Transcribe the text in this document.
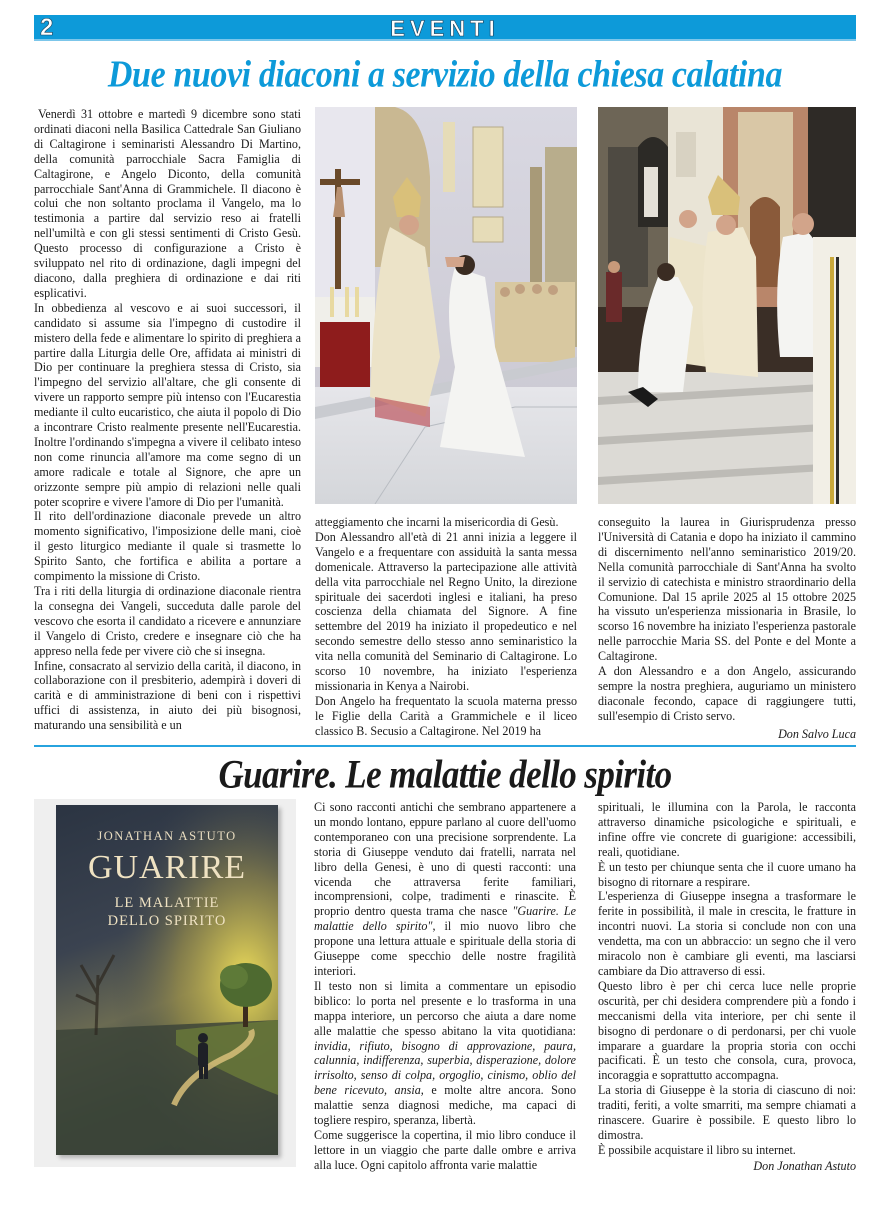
2	EVENTI
Due nuovi diaconi a servizio della chiesa calatina

Venerdì 31 ottobre e martedì 9 dicembre sono stati ordinati diaconi nella Basilica Cattedrale San Giuliano di Caltagirone i seminaristi Alessandro Di Martino, della comunità parrocchiale Sacra Famiglia di Caltagirone, e Angelo Diconto, della comunità parrocchiale Sant'Anna di Grammichele. Il diacono è colui che non soltanto proclama il Vangelo, ma lo testimonia a partire dal servizio reso ai fratelli nell'umiltà e con gli stessi sentimenti di Cristo Gesù. Questo processo di configurazione a Cristo è sviluppato nel rito di ordinazione, dagli impegni del diacono, dalla preghiera di ordinazione e dai riti esplicativi.

In obbedienza al vescovo e ai suoi successori, il candidato si assume sia l'impegno di custodire il mistero della fede e alimentare lo spirito di preghiera a partire dalla Liturgia delle Ore, affidata ai ministri di Dio per continuare la preghiera stessa di Cristo, sia l'impegno del servizio all'altare, che gli consente di vivere un rapporto sempre più intenso con l'Eucarestia mediante il culto eucaristico, che aiuta il popolo di Dio a incontrare Cristo realmente presente nell'Eucarestia. Inoltre l'ordinando s'impegna a vivere il celibato inteso non come rinuncia all'amore ma come segno di un amore radicale e totale al Signore, che apre un orizzonte sempre più ampio di relazioni nelle quali poter scoprire e vivere l'amore di Dio per l'umanità.

Il rito dell'ordinazione diaconale prevede un altro momento significativo, l'imposizione delle mani, cioè il gesto liturgico mediante il quale si trasmette lo Spirito Santo, che fortifica e abilita a portare a compimento la missione di Cristo.

Tra i riti della liturgia di ordinazione diaconale rientra la consegna dei Vangeli, succeduta dalle parole del vescovo che esorta il candidato a ricevere e annunziare il Vangelo di Cristo, credere e insegnare ciò che ha appreso nella fede per vivere ciò che si insegna.

Infine, consacrato al servizio della carità, il diacono, in collaborazione con il presbiterio, adempirà i doveri di carità e di amministrazione di beni con i rispettivi uffici di assistenza, in aiuto dei più bisognosi, maturando una sensibilità e un

atteggiamento che incarni la misericordia di Gesù.

Don Alessandro all'età di 21 anni inizia a leggere il Vangelo e a frequentare con assiduità la santa messa domenicale. Attraverso la partecipazione alle attività della vita parrocchiale nel Regno Unito, la direzione spirituale dei sacerdoti inglesi e italiani, ha preso coscienza della chiamata del Signore. A fine settembre del 2019 ha iniziato il propedeutico e nel secondo semestre dello stesso anno seminaristico la vita nella comunità del Seminario di Caltagirone. Lo scorso 10 novembre, ha iniziato l'esperienza missionaria in Kenya a Nairobi.

Don Angelo ha frequentato la scuola materna presso le Figlie della Carità a Grammichele e il liceo classico B. Secusio a Caltagirone. Nel 2019 ha

conseguito la laurea in Giurisprudenza presso l'Università di Catania e dopo ha iniziato il cammino di discernimento nell'anno seminaristico 2019/20. Nella comunità parrocchiale di Sant'Anna ha svolto il servizio di catechista e ministro straordinario della Comunione. Dal 15 aprile 2025 al 15 ottobre 2025 ha vissuto un'esperienza missionaria in Brasile, lo scorso 16 novembre ha iniziato l'esperienza pastorale nelle parrocchie Maria SS. del Ponte e del Monte a Caltagirone.

A don Alessandro e a don Angelo, assicurando sempre la nostra preghiera, auguriamo un ministero diaconale fecondo, capace di raggiungere tutti, sull'esempio di Cristo servo.

Don Salvo Luca

Guarire. Le malattie dello spirito
JONATHAN ASTUTO
GUARIRE
LE MALATTIE
DELLO SPIRITO

Ci sono racconti antichi che sembrano appartenere a un mondo lontano, eppure parlano al cuore dell'uomo contemporaneo con una precisione sorprendente. La storia di Giuseppe venduto dai fratelli, narrata nel libro della Genesi, è uno di questi racconti: una vicenda che attraversa ferite familiari, incomprensioni, colpe, tradimenti e rinascite. È proprio dentro questa trama che nasce "Guarire. Le malattie dello spirito", il mio nuovo libro che propone una lettura attuale e spirituale della storia di Giuseppe come specchio delle nostre fragilità interiori.

Il testo non si limita a commentare un episodio biblico: lo porta nel presente e lo trasforma in una mappa interiore, un percorso che aiuta a dare nome alle malattie che spesso abitano la vita quotidiana: invidia, rifiuto, bisogno di approvazione, paura, calunnia, indifferenza, superbia, disperazione, dolore irrisolto, senso di colpa, orgoglio, cinismo, oblio del bene ricevuto, ansia, e molte altre ancora. Sono malattie senza diagnosi mediche, ma capaci di togliere respiro, speranza, libertà.

Come suggerisce la copertina, il mio libro conduce il lettore in un viaggio che parte dalle ombre e arriva alla luce. Ogni capitolo affronta varie malattie

spirituali, le illumina con la Parola, le racconta attraverso dinamiche psicologiche e spirituali, e infine offre vie concrete di guarigione: accessibili, reali, quotidiane.

È un testo per chiunque senta che il cuore umano ha bisogno di ritornare a respirare.

L'esperienza di Giuseppe insegna a trasformare le ferite in possibilità, il male in crescita, le fratture in incontri nuovi. La storia si conclude non con una vendetta, ma con un abbraccio: un segno che il vero miracolo non è cambiare gli eventi, ma lasciarsi cambiare da Dio attraverso di essi.

Questo libro è per chi cerca luce nelle proprie oscurità, per chi desidera comprendere più a fondo i meccanismi della vita interiore, per chi sente il bisogno di perdonare o di perdonarsi, per chi vuole imparare a guardare la propria storia con occhi pacificati. È un testo che consola, cura, provoca, incoraggia e soprattutto accompagna.

La storia di Giuseppe è la storia di ciascuno di noi: traditi, feriti, a volte smarriti, ma sempre chiamati a rinascere. Guarire è possibile. E questo libro lo dimostra.

È possibile acquistare il libro su internet.

Don Jonathan Astuto
